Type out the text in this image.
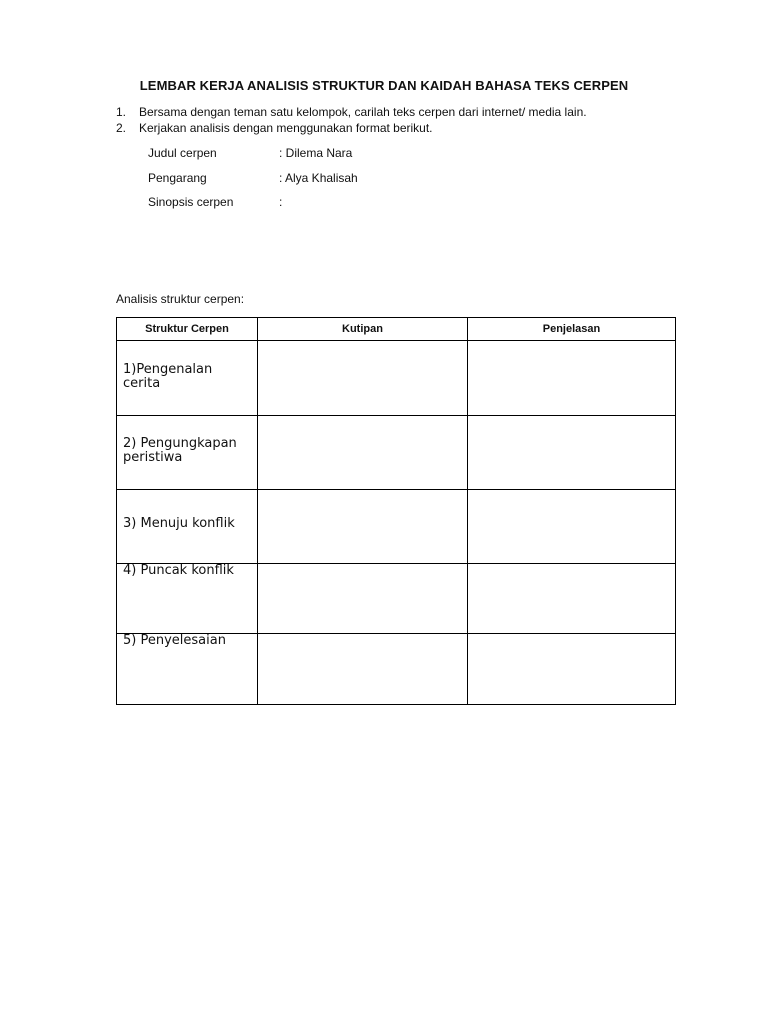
LEMBAR KERJA ANALISIS STRUKTUR DAN KAIDAH BAHASA TEKS CERPEN
1. Bersama dengan teman satu kelompok, carilah teks cerpen dari internet/ media lain.
2. Kerjakan analisis dengan menggunakan format berikut.
Judul cerpen	: Dilema Nara
Pengarang	: Alya Khalisah
Sinopsis cerpen	:
Analisis struktur cerpen:
Struktur Cerpen	Kutipan	Penjelasan

1)Pengenalan
cerita		

2) Pengungkapan
peristiwa		

3) Menuju konflik		

4) Puncak konflik		

5) Penyelesaian		
